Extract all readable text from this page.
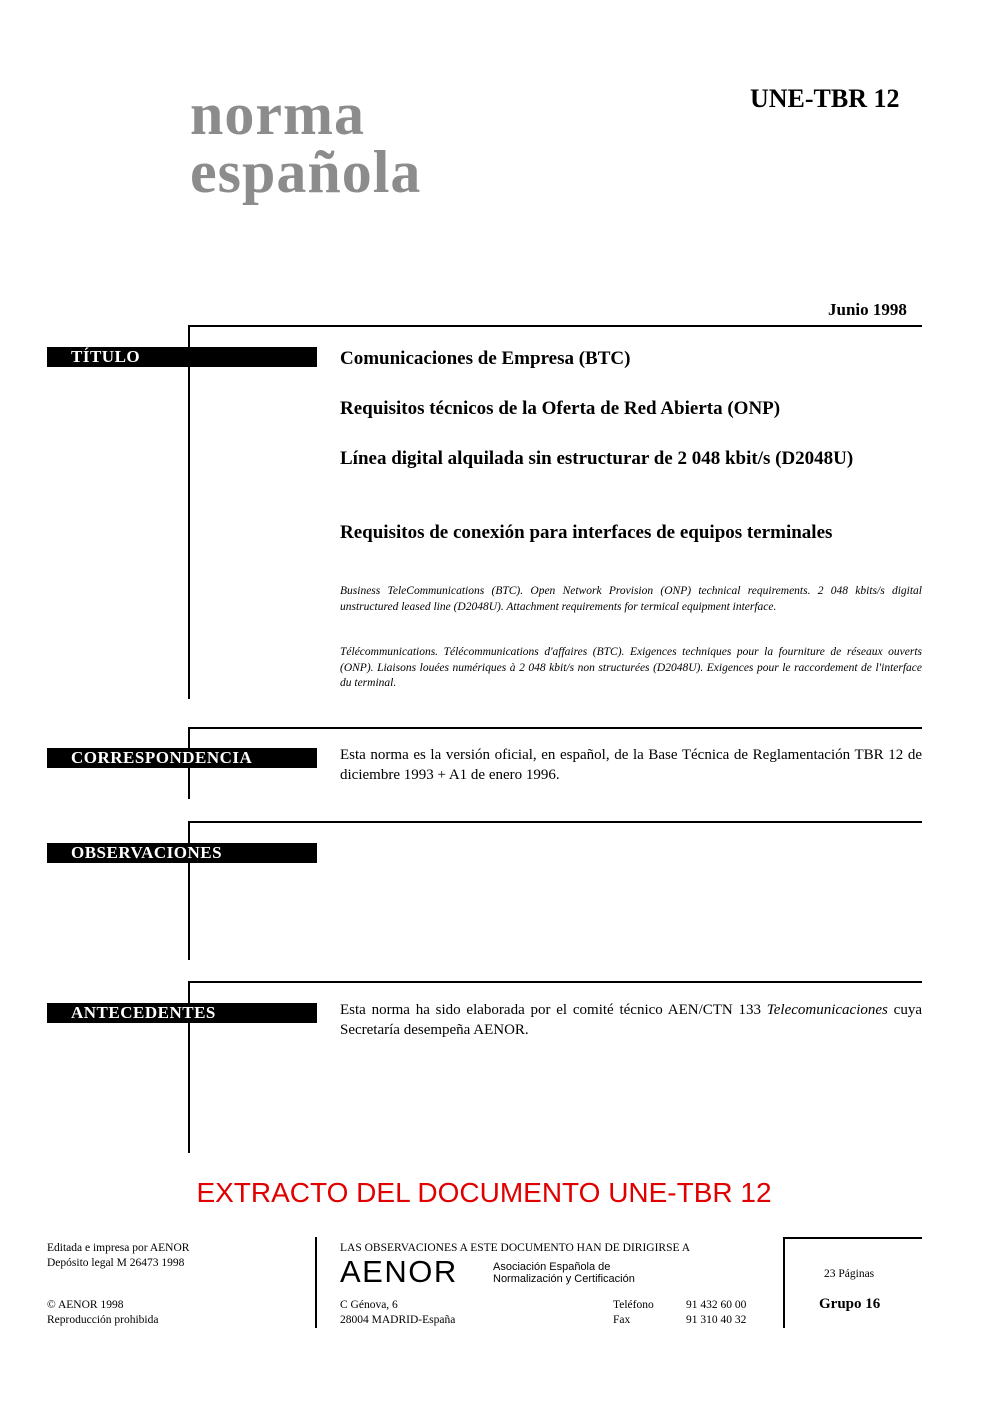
norma
española
UNE-TBR 12
Junio 1998
TÍTULO	Comunicaciones de Empresa (BTC)
Requisitos técnicos de la Oferta de Red Abierta (ONP)
Línea digital alquilada sin estructurar de 2 048 kbit/s (D2048U)
Requisitos de conexión para interfaces de equipos terminales
Business TeleCommunications (BTC). Open Network Provision (ONP) technical requirements. 2 048 kbits/s digital unstructured leased line (D2048U). Attachment requirements for termical equipment interface.
Télécommunications. Télécommunications d'affaires (BTC). Exigences techniques pour la fourniture de réseaux ouverts (ONP). Liaisons louées numériques à 2 048 kbit/s non structurées (D2048U). Exigences pour le raccordement de l'interface du terminal.
CORRESPONDENCIA	Esta norma es la versión oficial, en español, de la Base Técnica de Reglamentación TBR 12 de diciembre 1993 + A1 de enero 1996.
OBSERVACIONES
ANTECEDENTES	Esta norma ha sido elaborada por el comité técnico AEN/CTN 133 Telecomunicaciones cuya Secretaría desempeña AENOR.
EXTRACTO DEL DOCUMENTO UNE-TBR 12
Editada e impresa por AENOR
Depósito legal M 26473 1998
© AENOR 1998
Reproducción prohibida
LAS OBSERVACIONES A ESTE DOCUMENTO HAN DE DIRIGIRSE A
AENOR	Asociación Española de
Normalización y Certificación
C Génova, 6
28004 MADRID-España
Teléfono	91 432 60 00
Fax	91 310 40 32
23 Páginas
Grupo 16
